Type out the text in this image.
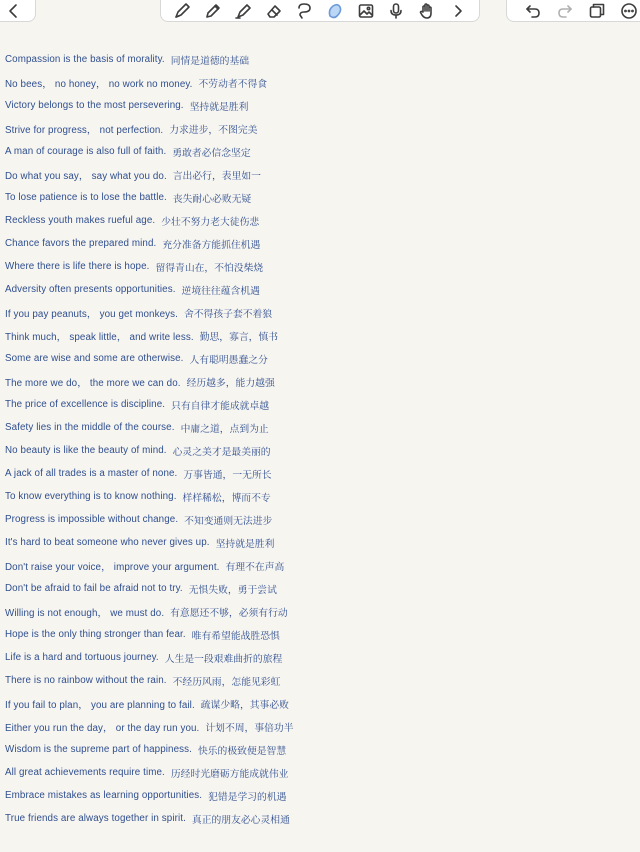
Compassion is the basis of morality. 同情是道德的基础
No bees， no honey， no work no money. 不劳动者不得食
Victory belongs to the most persevering. 坚持就是胜利
Strive for progress， not perfection. 力求进步，不图完美
A man of courage is also full of faith. 勇敢者必信念坚定
Do what you say， say what you do. 言出必行，表里如一
To lose patience is to lose the battle. 丧失耐心必败无疑
Reckless youth makes rueful age. 少壮不努力老大徒伤悲
Chance favors the prepared mind. 充分准备方能抓住机遇
Where there is life there is hope. 留得青山在，不怕没柴烧
Adversity often presents opportunities. 逆境往往蕴含机遇
If you pay peanuts， you get monkeys. 舍不得孩子套不着狼
Think much， speak little， and write less. 勤思，寡言，慎书
Some are wise and some are otherwise. 人有聪明愚蠢之分
The more we do， the more we can do. 经历越多，能力越强
The price of excellence is discipline. 只有自律才能成就卓越
Safety lies in the middle of the course. 中庸之道，点到为止
No beauty is like the beauty of mind. 心灵之美才是最美丽的
A jack of all trades is a master of none. 万事皆通，一无所长
To know everything is to know nothing. 样样稀松，博而不专
Progress is impossible without change. 不知变通则无法进步
It's hard to beat someone who never gives up. 坚持就是胜利
Don't raise your voice， improve your argument. 有理不在声高
Don't be afraid to fail be afraid not to try. 无惧失败，勇于尝试
Willing is not enough， we must do. 有意愿还不够，必须有行动
Hope is the only thing stronger than fear. 唯有希望能战胜恐惧
Life is a hard and tortuous journey. 人生是一段艰难曲折的旅程
There is no rainbow without the rain. 不经历风雨，怎能见彩虹
If you fail to plan， you are planning to fail. 疏谋少略，其事必败
Either you run the day， or the day run you. 计划不周，事倍功半
Wisdom is the supreme part of happiness. 快乐的极致便是智慧
All great achievements require time. 历经时光磨砺方能成就伟业
Embrace mistakes as learning opportunities. 犯错是学习的机遇
True friends are always together in spirit. 真正的朋友必心灵相通
